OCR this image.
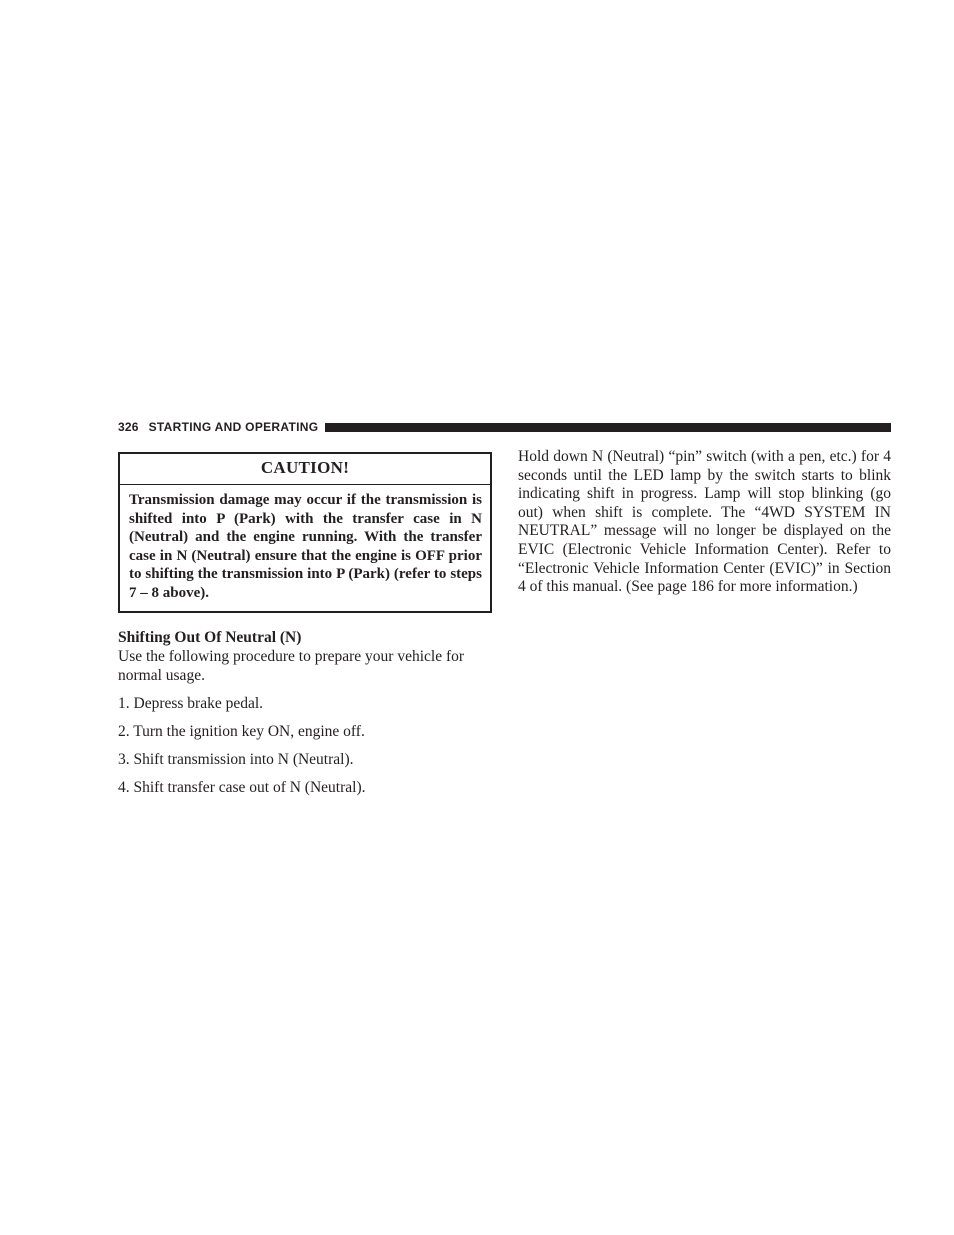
326 STARTING AND OPERATING
CAUTION!
Transmission damage may occur if the transmission is shifted into P (Park) with the transfer case in N (Neutral) and the engine running. With the transfer case in N (Neutral) ensure that the engine is OFF prior to shifting the transmission into P (Park) (refer to steps 7 – 8 above).

Shifting Out Of Neutral (N)

Use the following procedure to prepare your vehicle for normal usage.

1. Depress brake pedal.
2. Turn the ignition key ON, engine off.
3. Shift transmission into N (Neutral).
4. Shift transfer case out of N (Neutral).

Hold down N (Neutral) “pin” switch (with a pen, etc.) for 4 seconds until the LED lamp by the switch starts to blink indicating shift in progress. Lamp will stop blinking (go out) when shift is complete. The “4WD SYSTEM IN NEUTRAL” message will no longer be displayed on the EVIC (Electronic Vehicle Information Center). Refer to “Electronic Vehicle Information Center (EVIC)” in Section 4 of this manual. (See page 186 for more information.)
